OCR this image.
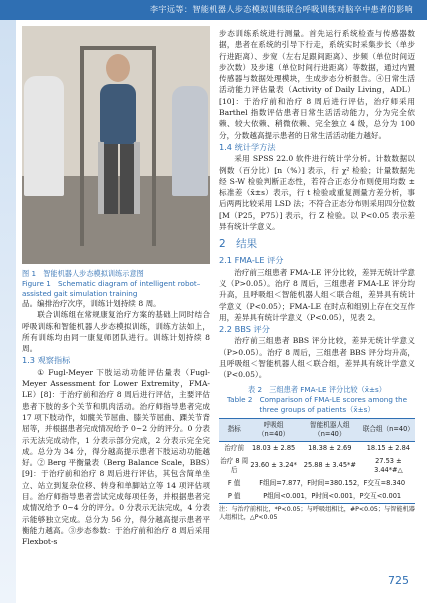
李宇远等：智能机器人步态模拟训练联合呼吸训练对脑卒中患者的影响
图 1　智能机器人步态模拟训练示意图
Figure 1　Schematic diagram of intelligent robot–assisted gait simulation training

品。编排治疗次序，训练计划持续 8 周。

联合训练组在常规康复治疗方案的基础上同时结合呼吸训练和智能机器人步态模拟训练，训练方法如上，所有训练均由同一康复师团队进行。训练计划持续 8 周。

1.3 观察指标

① Fugl-Meyer 下肢运动功能评估量表（Fugl-Meyer Assessment for Lower Extremity，FMA-LE）[8]：于治疗前和治疗 8 周后进行评估，主要评估患者下肢的多个关节和肌肉活动。治疗师指导患者完成 17 项下肢动作，如髋关节屈曲、膝关节屈曲、踝关节背屈等，并根据患者完成情况给予 0~2 分的评分。0 分表示无法完成动作，1 分表示部分完成，2 分表示完全完成。总分为 34 分，得分越高提示患者下肢运动功能越好。② Berg 平衡量表（Berg Balance Scale，BBS）[9]：于治疗前和治疗 8 周后进行评估，其包含简单坐立、站立到复杂位移、转身和单脚站立等 14 项评估项目。治疗师指导患者尝试完成每项任务，并根据患者完成情况给予 0~4 分的评分。0 分表示无法完成，4 分表示能够独立完成。总分为 56 分，得分越高提示患者平衡能力越高。③步态参数：于治疗前和治疗 8 周后采用 Flexbot-s

步态训练系统进行测量。首先运行系统检查与传感器数据，患者在系统的引导下行走，系统实时采集步长（单步行进距离）、步宽（左右足跟间距离）、步频（单位时间迈步次数）及步速（单位时间行进距离）等数据，通过内置传感器与数据处理模块，生成步态分析报告。④日常生活活动能力评估量表（Activity of Daily Living，ADL）[10]：于治疗前和治疗 8 周后进行评估，治疗师采用 Barthel 指数评估患者日常生活活动能力，分为完全依赖、较大依赖、稍微依赖、完全独立 4 级，总分为 100 分，分数越高提示患者的日常生活活动能力越好。

1.4 统计学方法

采用 SPSS 22.0 软件进行统计学分析。计数数据以例数（百分比）[n（%）] 表示，行 χ² 检验；计量数据先经 S-W 检验判断正态性，若符合正态分布则使用均数 ± 标准差（x̄±s）表示，行 t 检验或重复测量方差分析，事后两两比较采用 LSD 法；不符合正态分布则采用四分位数 [M（P25，P75）] 表示，行 Z 检验。以 P<0.05 表示差异有统计学意义。

2　结果

2.1 FMA-LE 评分

治疗前三组患者 FMA-LE 评分比较，差异无统计学意义（P>0.05）。治疗 8 周后，三组患者 FMA-LE 评分均升高，且呼吸组＜智能机器人组＜联合组，差异具有统计学意义（P<0.05）；FMA-LE 在时点和组别上存在交互作用，差异具有统计学意义（P<0.05），见表 2。

2.2 BBS 评分

治疗前三组患者 BBS 评分比较，差异无统计学意义（P>0.05）。治疗 8 周后，三组患者 BBS 评分均升高，且呼吸组＜智能机器人组＜联合组，差异具有统计学意义（P<0.05）。

表 2　三组患者 FMA-LE 评分比较（x̄±s）
Table 2　Comparison of FMA-LE scores among the three groups of patients（x̄±s）
指标	呼吸组（n=40）	智能机器人组（n=40）	联合组（n=40）
治疗前	18.03 ± 2.85	18.38 ± 2.69	18.15 ± 2.84
治疗 8 周后	23.60 ± 3.24*	25.88 ± 3.45*#	27.53 ± 3.44*#△
F 值	F组间=7.877，F时间=380.152，F交互=8.340		
P 值	P组间<0.001，P时间<0.001，P交互<0.001		
注：与治疗前相比，*P<0.05；与呼吸组相比，#P<0.05；与智能机器人组相比，△P<0.05
725
